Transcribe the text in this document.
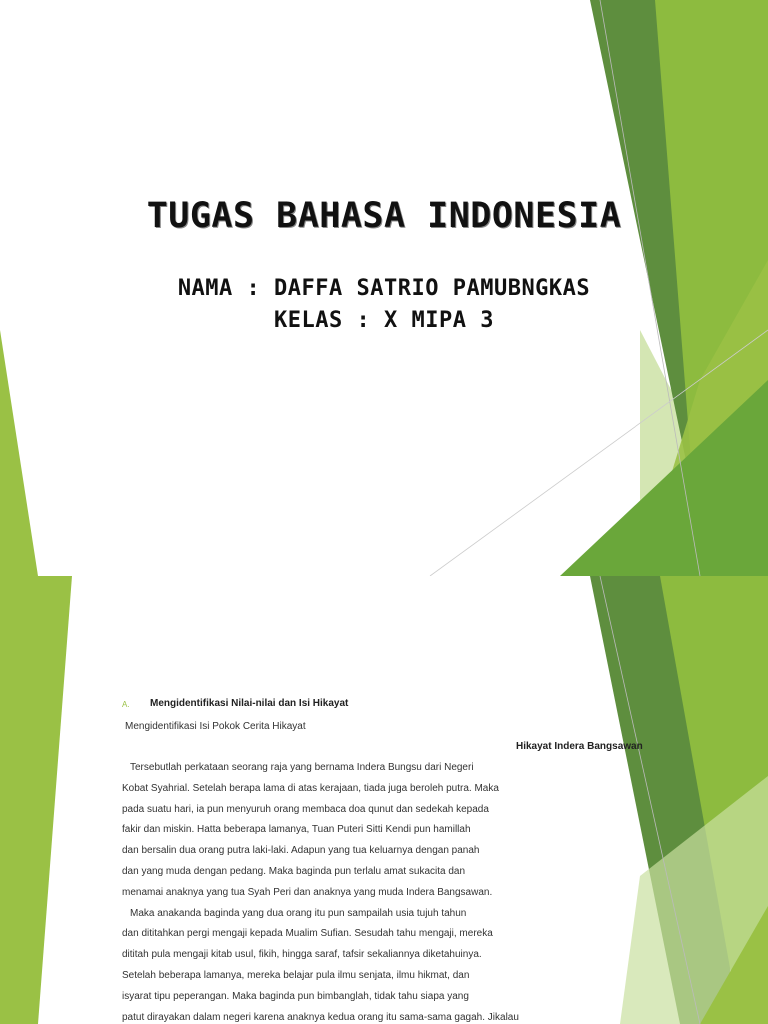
TUGAS BAHASA INDONESIA
NAMA : DAFFA SATRIO PAMUBNGKAS
KELAS : X MIPA 3
A. Mengidentifikasi Nilai-nilai dan Isi Hikayat
Mengidentifikasi Isi Pokok Cerita Hikayat
Hikayat Indera Bangsawan
Tersebutlah perkataan seorang raja yang bernama Indera Bungsu dari Negeri
Kobat Syahrial. Setelah berapa lama di atas kerajaan, tiada juga beroleh putra. Maka
pada suatu hari, ia pun menyuruh orang membaca doa qunut dan sedekah kepada
fakir dan miskin. Hatta beberapa lamanya, Tuan Puteri Sitti Kendi pun hamillah
dan bersalin dua orang putra laki-laki. Adapun yang tua keluarnya dengan panah
dan yang muda dengan pedang. Maka baginda pun terlalu amat sukacita dan
menamai anaknya yang tua Syah Peri dan anaknya yang muda Indera Bangsawan.
Maka anakanda baginda yang dua orang itu pun sampailah usia tujuh tahun
dan dititahkan pergi mengaji kepada Mualim Sufian. Sesudah tahu mengaji, mereka
dititah pula mengaji kitab usul, fikih, hingga saraf, tafsir sekaliannya diketahuinya.
Setelah beberapa lamanya, mereka belajar pula ilmu senjata, ilmu hikmat, dan
isyarat tipu peperangan. Maka baginda pun bimbanglah, tidak tahu siapa yang
patut dirayakan dalam negeri karena anaknya kedua orang itu sama-sama gagah. Jikalau
